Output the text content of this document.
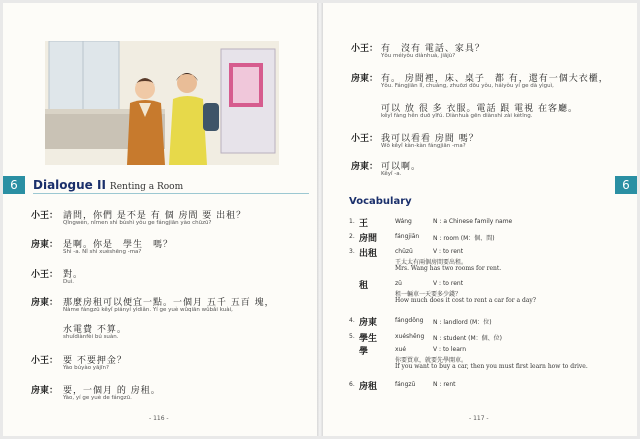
6	Dialogue II Renting a Room
小王： 請問，你們 是不是 有 個 房間 要 出租？
Qǐngwèn, nǐmen shì búshì yǒu ge fángjiān yào chūzū?
房東： 是啊。你是　學生　嗎？
Shì -a. Nǐ shì xuéshēng -ma?
小王： 對。
Duì.
房東： 那麼房租可以便宜一點。一個月 五千 五百 塊，
Nàme fángzū kěyǐ piányí yìdiǎn. Yí ge yuè wǔqiān wǔbǎi kuài,
水電費 不算。
shuǐdiànfèi bú suàn.
小王： 要 不要押金？
Yào búyào yājīn?
房東： 要，一個月 的 房租。
Yào, yí ge yuè de fángzū.
- 116 -
小王： 有　沒有 電話、家具？
Yǒu méiyǒu diànhuà, jiājù?
房東： 有。 房間裡，床、桌子　都 有，還有一個大衣櫃，
Yǒu. Fángjiān lǐ, chuáng, zhuōzi dōu yǒu, háiyǒu yí ge dà yìguì,
可以 放 很 多 衣服。電話 跟 電視 在客廳。
kěyǐ fàng hěn duō yīfú. Diànhuà gēn diànshì zài kètīng.
小王： 我可以看看 房間 嗎？
Wǒ kěyǐ kàn-kàn fángjiān -ma?
房東： 可以啊。
Kěyǐ -a.
6
Vocabulary
1. 王	Wáng	N : a Chinese family name
2. 房間	fángjiān N : room (M：個、間)
3. 出租	chūzū	V : to rent
王太太有兩個房間要出租。
Mrs. Wang has two rooms for rent.
租	zū	V : to rent
租一輛車一天要多少錢？
How much does it cost to rent a car for a day?
4. 房東	fángdōng N : landlord (M：位)
5. 學生	xuéshēng N : student (M：個、位)
學	xué	V : to learn
你要買車，就要先學開車。
If you want to buy a car, then you must first learn how to drive.
6. 房租	fángzū	N : rent
- 117 -
